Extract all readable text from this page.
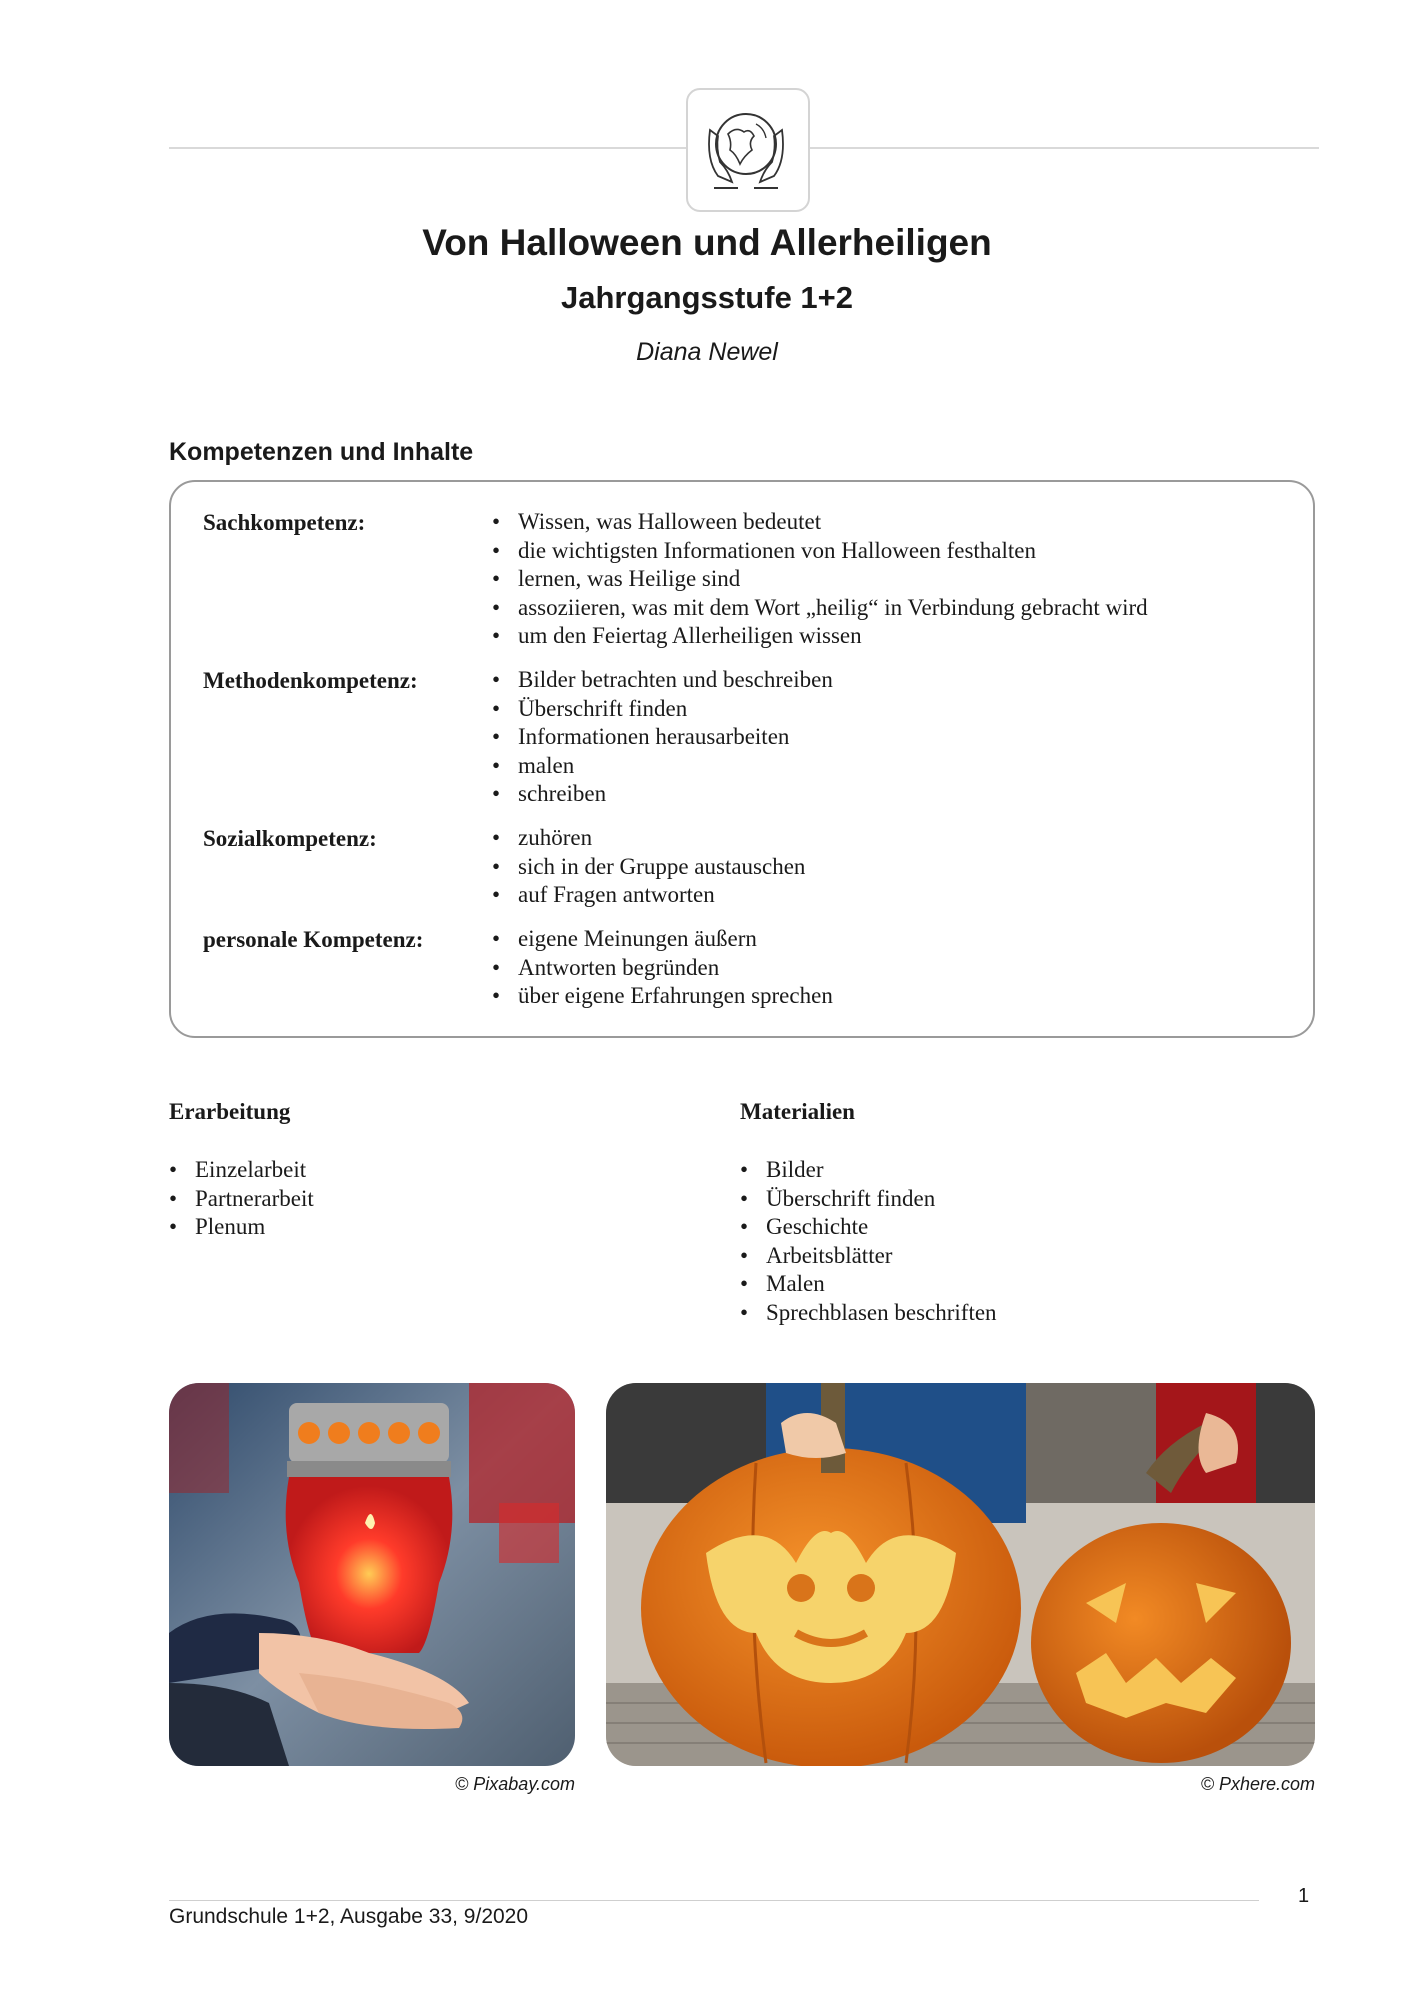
Von Halloween und Allerheiligen
Jahrgangsstufe 1+2
Diana Newel
Kompetenzen und Inhalte
Sachkompetenz:	• Wissen, was Halloween bedeutet
• die wichtigsten Informationen von Halloween festhalten
• lernen, was Heilige sind
• assoziieren, was mit dem Wort „heilig“ in Verbindung gebracht wird
• um den Feiertag Allerheiligen wissen
Methodenkompetenz:	• Bilder betrachten und beschreiben
• Überschrift finden
• Informationen herausarbeiten
• malen
• schreiben
Sozialkompetenz:	• zuhören
• sich in der Gruppe austauschen
• auf Fragen antworten
personale Kompetenz:	• eigene Meinungen äußern
• Antworten begründen
• über eigene Erfahrungen sprechen
Erarbeitung
• Einzelarbeit
• Partnerarbeit
• Plenum
Materialien
• Bilder
• Überschrift finden
• Geschichte
• Arbeitsblätter
• Malen
• Sprechblasen beschriften
© Pixabay.com	© Pxhere.com
Grundschule 1+2, Ausgabe 33, 9/2020
1
